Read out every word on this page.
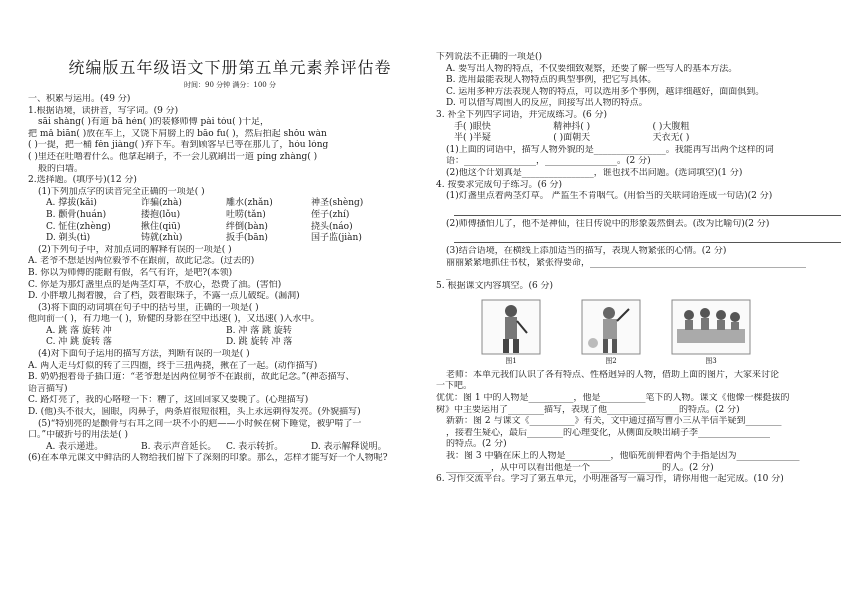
统编版五年级语文下册第五单元素养评估卷
时间：90 分钟 满分：100 分
一、积累与运用。(49 分)
1.根据语境，读拼音，写字词。(9 分)
sāi shàng( )有道 bā hén( )的装修师傅 pài tóu( )十足，
把 mǎ biān( )放在车上，又饶下肩膀上的 bāo fu( )，然后拍起 shǒu wàn
( )一提，把一桶 fěn jiàng( )弃下车。看到顾客早已等在那儿了，hóu lóng
( )里还在吐噜着什么。他拿起刷子，不一会儿就刷出一道 píng zhàng( )
般的白墙。
2.选择题。(填序号)(12 分)
(1)下列加点字的读音完全正确的一项是( )
A. 撑拔(kǎi)	诈骗(zhà)	雕水(zhǎn)	神圣(shèng)
B. 颧骨(huán)	搂抱(lǒu)	吐唠(tǎn)	侄子(zhí)
C. 怔住(zhèng)	揪住(qiū)	绊倒(bàn)	挠头(náo)
D. 剃头(tì)	铸就(zhù)	扳手(bān)	国子监(jiàn)
(2)下列句子中，对加点词的解释有误的一项是( )
A. 老爷不想是因两位毅爷不在跟前，故此记念。(过去的)
B. 你以为师傅的能耐有假，名气有许，是吧?(本领)
C. 你是为那灯盏里点的是两茎灯草，不放心，恐费了油。(害怕)
D. 小胖墩儿揭着腰，合了档，鼓着眼珠子，不露一点儿破绽。(漏洞)
(3)将下面的动词填在句子中的括号里，正确的一项是( )
他向前一( )，有力地一( )，矫健的身影在空中迅速( )，又迅速( )入水中。
A. 跳 落 旋转 冲	B. 冲 落 跳 旋转
C. 冲 跳 旋转 落	D. 跳 旋转 冲 落
(4)对下面句子运用的描写方法，判断有误的一项是( )
A. 两人走马灯似的转了三四圈，终于三扭两挠，揪在了一起。(动作描写)
B. 奶奶抱着哥子插口道：“老爷想是因两位舅爷不在跟前，故此记念。”(神态描写、
语言描写)
C. 路灯亮了，我的心咯噔一下：糟了，这回回家又要晚了。(心理描写)
D. (他)头不很大，圆眼，肉鼻子，两条眉很短很粗，头上永远剃得发亮。(外貌描写)
(5)“特别亮的是颧骨与右耳之间一块不小的疤——小时候在树下睡觉，被驴啃了一
口。”中破折号的用法是( )
A. 表示递进。	B. 表示声音延长。	C. 表示转折。	D. 表示解释说明。
(6)在本单元课文中鲜活的人物给我们留下了深刻的印象。那么，怎样才能写好一个人物呢?
下列说法不正确的一项是()
A. 要写出人物的特点，不仅要细致观察，还要了解一些写人的基本方法。
B. 选用最能表现人物特点的典型事例，把它写具体。
C. 运用多种方法表现人物的特点，可以选用多个事例，越详细越好，面面俱到。
D. 可以借写周围人的反应，间接写出人物的特点。
3. 补全下列四字词语，并完成练习。(6 分)
手( )眼快	精神抖( )	( )大腹粗
半( )半疑	( )面朝天	天衣无( )
(1)上面的词语中，描写人物外貌的是________________。我能再写出两个这样的词
语：________________，________________。(2 分)
(2)他这个计划真是________________，谁也找不出问题。(选词填空)(1 分)
4. 按要求完成句子练习。(6 分)
(1)灯盏里点着两茎灯草。 严监生不肯咽气。(用恰当的关联词语连成一句话)(2 分)
(2)师傅搔怕儿了，他不是神仙，往日传说中的形象轰然倒去。(改为比喻句)(2 分)
(3)结合语境，在横线上添加适当的描写，表现人物紧张的心情。(2 分)
丽丽紧紧地抓住书杖，紧张得要命，________________________________________________
_
5. 根据课文内容填空。(6 分)
图1	图2	图3
老师：本单元我们认识了各有特点、性格迥异的人物，借助上面的图片，大家来讨论
一下吧。
优优：图 1 中的人物是__________，他是__________笔下的人物。课文《他像一棵挺拔的
树》中主要运用了________描写，表现了他________________的特点。(2 分)
新新：图 2 与课文《__________》有关，文中通过描写曹小三从半信半疑到________
，接着生疑心，最后________的心理变化，从侧面反映出刷子李________________
的特点。(2 分)
我：图 3 中躺在床上的人物是__________，他临死前伸着两个手指是因为______________
__________，从中可以看出他是一个________________的人。(2 分)
6. 习作交流平台。学习了第五单元，小明准备写一篇习作，请你用他一起完成。(10 分)
